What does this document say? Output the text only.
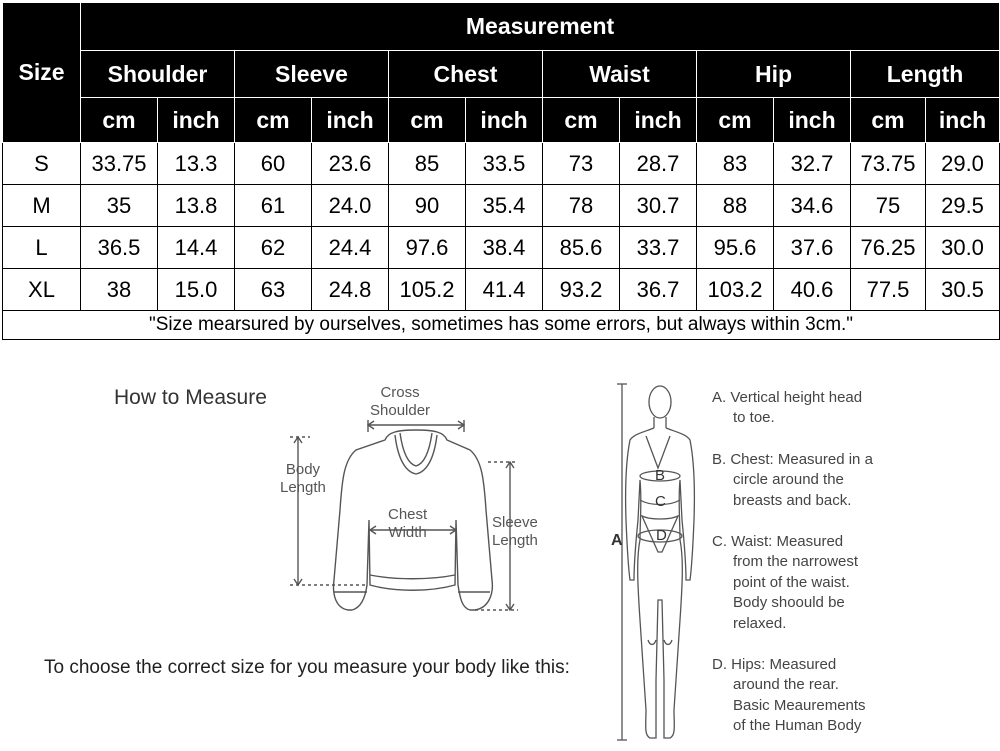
Size	Measurement											
	Shoulder		Sleeve		Chest		Waist		Hip		Length	
	cm	inch	cm	inch	cm	inch	cm	inch	cm	inch	cm	inch
S	33.75	13.3	60	23.6	85	33.5	73	28.7	83	32.7	73.75	29.0
M	35	13.8	61	24.0	90	35.4	78	30.7	88	34.6	75	29.5
L	36.5	14.4	62	24.4	97.6	38.4	85.6	33.7	95.6	37.6	76.25	30.0
XL	38	15.0	63	24.8	105.2	41.4	93.2	36.7	103.2	40.6	77.5	30.5
"Size mearsured by ourselves, sometimes has some errors, but always within 3cm."												
How to Measure	Cross
Shoulder
Body
Length
Chest
Width
Sleeve
Length
To choose the correct size for you measure your body like this:
A
B
C
D
A. Vertical height head
to toe.
B. Chest: Measured in a
circle around the
breasts and back.
C. Waist: Measured
from the narrowest
point of the waist.
Body shoould be
relaxed.
D. Hips: Measured
around the rear.
Basic Meaurements
of the Human Body
